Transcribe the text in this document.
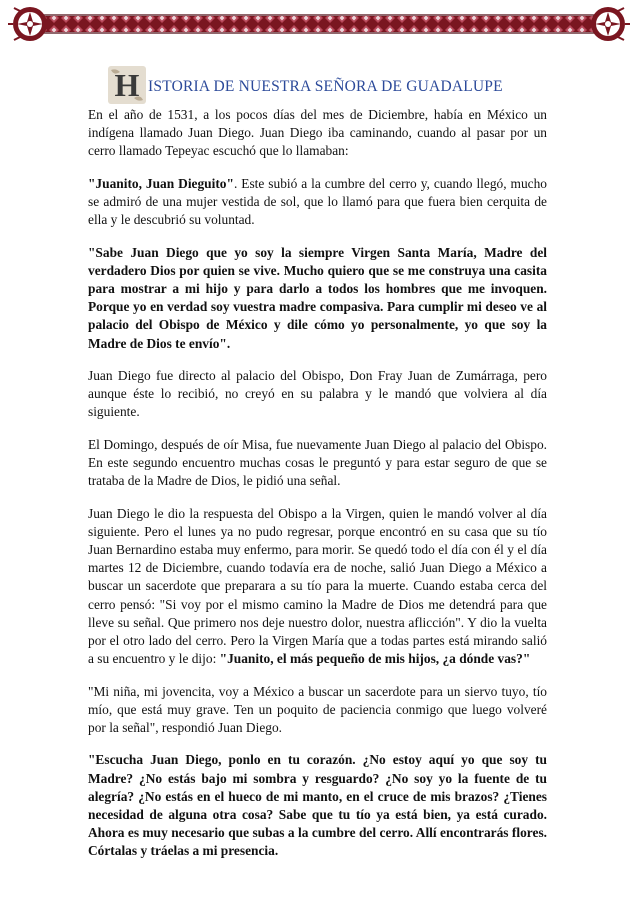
H ISTORIA DE NUESTRA SEÑORA DE GUADALUPE

En el año de 1531, a los pocos días del mes de Diciembre, había en México un indígena llamado Juan Diego. Juan Diego iba caminando, cuando al pasar por un cerro llamado Tepeyac escuchó que lo llamaban:

"Juanito, Juan Dieguito". Este subió a la cumbre del cerro y, cuando llegó, mucho se admiró de una mujer vestida de sol, que lo llamó para que fuera bien cerquita de ella y le descubrió su voluntad.

"Sabe Juan Diego que yo soy la siempre Virgen Santa María, Madre del verdadero Dios por quien se vive. Mucho quiero que se me construya una casita para mostrar a mi hijo y para darlo a todos los hombres que me invoquen. Porque yo en verdad soy vuestra madre compasiva. Para cumplir mi deseo ve al palacio del Obispo de México y dile cómo yo personalmente, yo que soy la Madre de Dios te envío".

Juan Diego fue directo al palacio del Obispo, Don Fray Juan de Zumárraga, pero aunque éste lo recibió, no creyó en su palabra y le mandó que volviera al día siguiente.

El Domingo, después de oír Misa, fue nuevamente Juan Diego al palacio del Obispo. En este segundo encuentro muchas cosas le preguntó y para estar seguro de que se trataba de la Madre de Dios, le pidió una señal.

Juan Diego le dio la respuesta del Obispo a la Virgen, quien le mandó volver al día siguiente. Pero el lunes ya no pudo regresar, porque encontró en su casa que su tío Juan Bernardino estaba muy enfermo, para morir. Se quedó todo el día con él y el día martes 12 de Diciembre, cuando todavía era de noche, salió Juan Diego a México a buscar un sacerdote que preparara a su tío para la muerte. Cuando estaba cerca del cerro pensó: "Si voy por el mismo camino la Madre de Dios me detendrá para que lleve su señal. Que primero nos deje nuestro dolor, nuestra aflicción". Y dio la vuelta por el otro lado del cerro. Pero la Virgen María que a todas partes está mirando salió a su encuentro y le dijo: "Juanito, el más pequeño de mis hijos, ¿a dónde vas?"

"Mi niña, mi jovencita, voy a México a buscar un sacerdote para un siervo tuyo, tío mío, que está muy grave. Ten un poquito de paciencia conmigo que luego volveré por la señal", respondió Juan Diego.

"Escucha Juan Diego, ponlo en tu corazón. ¿No estoy aquí yo que soy tu Madre? ¿No estás bajo mi sombra y resguardo? ¿No soy yo la fuente de tu alegría? ¿No estás en el hueco de mi manto, en el cruce de mis brazos? ¿Tienes necesidad de alguna otra cosa? Sabe que tu tío ya está bien, ya está curado. Ahora es muy necesario que subas a la cumbre del cerro. Allí encontrarás flores. Córtalas y tráelas a mi presencia.
